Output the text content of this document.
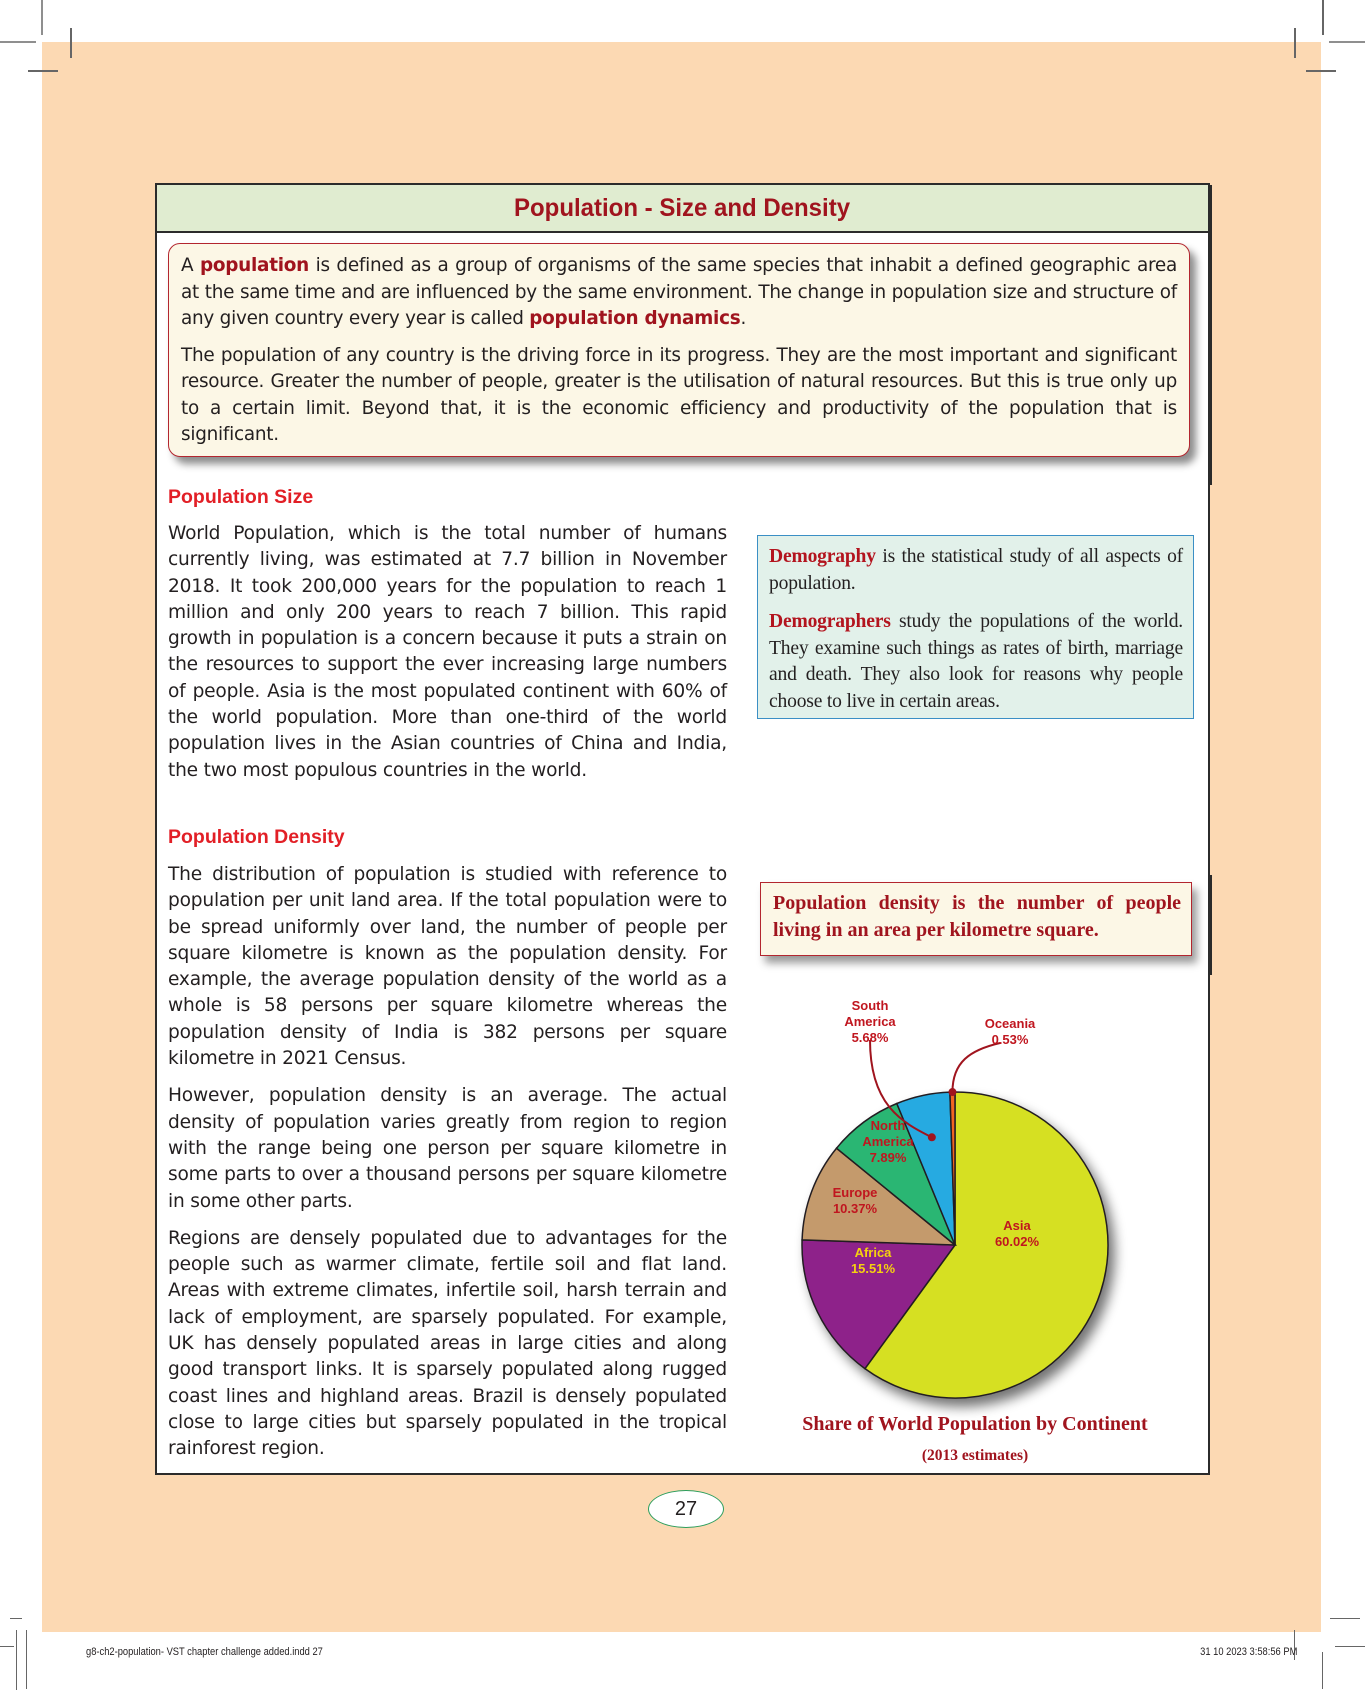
Population - Size and Density

A population is defined as a group of organisms of the same species that inhabit a defined geographic area at the same time and are influenced by the same environment. The change in population size and structure of any given country every year is called population dynamics.

The population of any country is the driving force in its progress. They are the most important and significant resource. Greater the number of people, greater is the utilisation of natural resources. But this is true only up to a certain limit. Beyond that, it is the economic efficiency and productivity of the population that is significant.

Population Size

World Population, which is the total number of humans currently living, was estimated at 7.7 billion in November 2018. It took 200,000 years for the population to reach 1 million and only 200 years to reach 7 billion. This rapid growth in population is a concern because it puts a strain on the resources to support the ever increasing large numbers of people. Asia is the most populated continent with 60% of the world population. More than one-third of the world population lives in the Asian countries of China and India, the two most populous countries in the world.

Population Density

The distribution of population is studied with reference to population per unit land area. If the total population were to be spread uniformly over land, the number of people per square kilometre is known as the population density. For example, the average population density of the world as a whole is 58 persons per square kilometre whereas the population density of India is 382 persons per square kilometre in 2021 Census.

However, population density is an average. The actual density of population varies greatly from region to region with the range being one person per square kilometre in some parts to over a thousand persons per square kilometre in some other parts.

Regions are densely populated due to advantages for the people such as warmer climate, fertile soil and flat land. Areas with extreme climates, infertile soil, harsh terrain and lack of employment, are sparsely populated. For example, UK has densely populated areas in large cities and along good transport links. It is sparsely populated along rugged coast lines and highland areas. Brazil is densely populated close to large cities but sparsely populated in the tropical rainforest region.

Demography is the statistical study of all aspects of population.

Demographers study the populations of the world. They examine such things as rates of birth, marriage and death. They also look for reasons why people choose to live in certain areas.

Population density is the number of people living in an area per kilometre square.
Asia 60.02%
Africa 15.51%
Europe 10.37%
North America 7.89%
South America 5.68%
Oceania 0.53%
Share of World Population by Continent
(2013 estimates)
27
g8-ch2-population- VST chapter challenge added.indd 27	31 10 2023 3:58:56 PM
